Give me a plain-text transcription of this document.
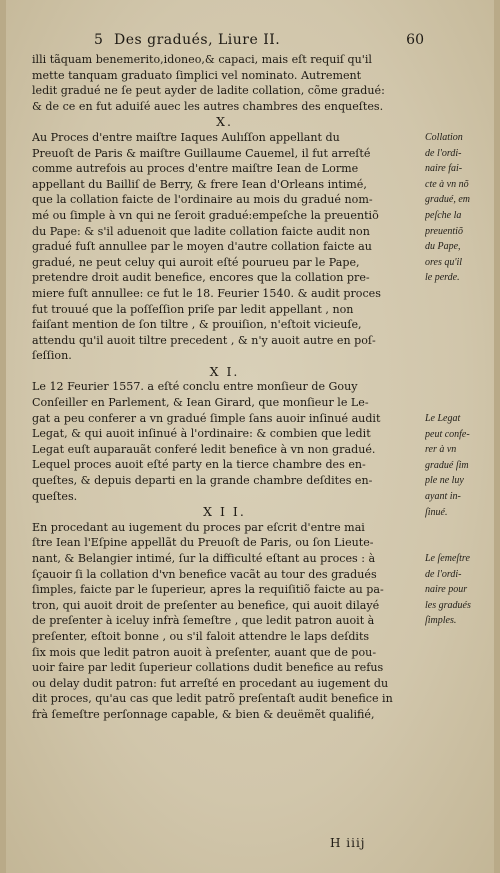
5 Des gradués, Liure II.	60

illi tãquam benemerito,idoneo,& capaci, mais eſt requiſ qu'il
mette tanquam graduato ſimplici vel nominato. Autrement
ledit gradué ne ſe peut ayder de ladite collation, cõme gradué:
& de ce en fut aduiſé auec les autres chambres des enqueſtes.

X.

Au Proces d'entre maiſtre Iaques Aulıſſon appellant du
Preuoſt de Paris & maiſtre Guillaume Cauemel, il fut arreſté
comme autrefois au proces d'entre maiſtre Iean de Lorme
appellant du Bailliſ de Berry, & frere Iean d'Orleans intimé,
que la collation faicte de l'ordinaire au mois du gradué nom-
mé ou ſimple à vn qui ne ſeroit gradué:empeſche la preuentiõ
du Pape: & s'il aduenoit que ladite collation faicte audit non
gradué fuſt annullee par le moyen d'autre collation faicte au
gradué, ne peut celuy qui auroit eſté pourueu par le Pape,
pretendre droit audit benefice, encores que la collation pre-
miere fuſt annullee: ce fut le 18. Feurier 1540. & audit proces
fut trouué que la poſſeſſion priſe par ledit appellant , non
faiſant mention de ſon tiltre , & prouiſion, n'eſtoit vicieuſe,
attendu qu'il auoit tiltre precedent , & n'y auoit autre en poſ-
ſeſſion.

X I.

Le 12 Feurier 1557. a eſté conclu entre monſieur de Gouy
Conſeiller en Parlement, & Iean Girard, que monſieur le Le-
gat a peu conferer a vn gradué ſimple ſans auoir inſinué audit
Legat, & qui auoit inſinué à l'ordinaire: & combien que ledit
Legat euſt auparauãt conferé ledit benefice à vn non gradué.
Lequel proces auoit eſté party en la tierce chambre des en-
queſtes, & depuis departi en la grande chambre deſdites en-
queſtes.

X I I.

En procedant au iugement du proces par eſcrit d'entre mai
ſtre Iean l'Eſpine appellãt du Preuoſt de Paris, ou ſon Lieute-
nant, & Belangier intimé, ſur la difficulté eſtant au proces : à
ſçauoir ſi la collation d'vn benefice vacãt au tour des gradués
ſimples, faicte par le ſuperieur, apres la requiſitiõ faicte au pa-
tron, qui auoit droit de preſenter au benefice, qui auoit dilayé
de preſenter à iceluy infrà ſemeſtre , que ledit patron auoit à
preſenter, eſtoit bonne , ou s'il faloit attendre le laps deſdits
ſix mois que ledit patron auoit à preſenter, auant que de pou-
uoir faire par ledit ſuperieur collations dudit benefice au refus
ou delay dudit patron: fut arreſté en procedant au iugement du
dit proces, qu'au cas que ledit patrõ preſentaſt audit benefice in
frà ſemeſtre perſonnage capable, & bien & deuëmẽt qualifié,

Collation
de l'ordi-
naire fai-
cte à vn nõ
gradué, em
peſche la
preuentiõ
du Pape,
ores qu'il
le perde.
Le Legat
peut confe-
rer à vn
gradué ſim
ple ne luy
ayant in-
ſinué.
Le ſemeſtre
de l'ordi-
naire pour
les gradués
ſimples.
H iiij
